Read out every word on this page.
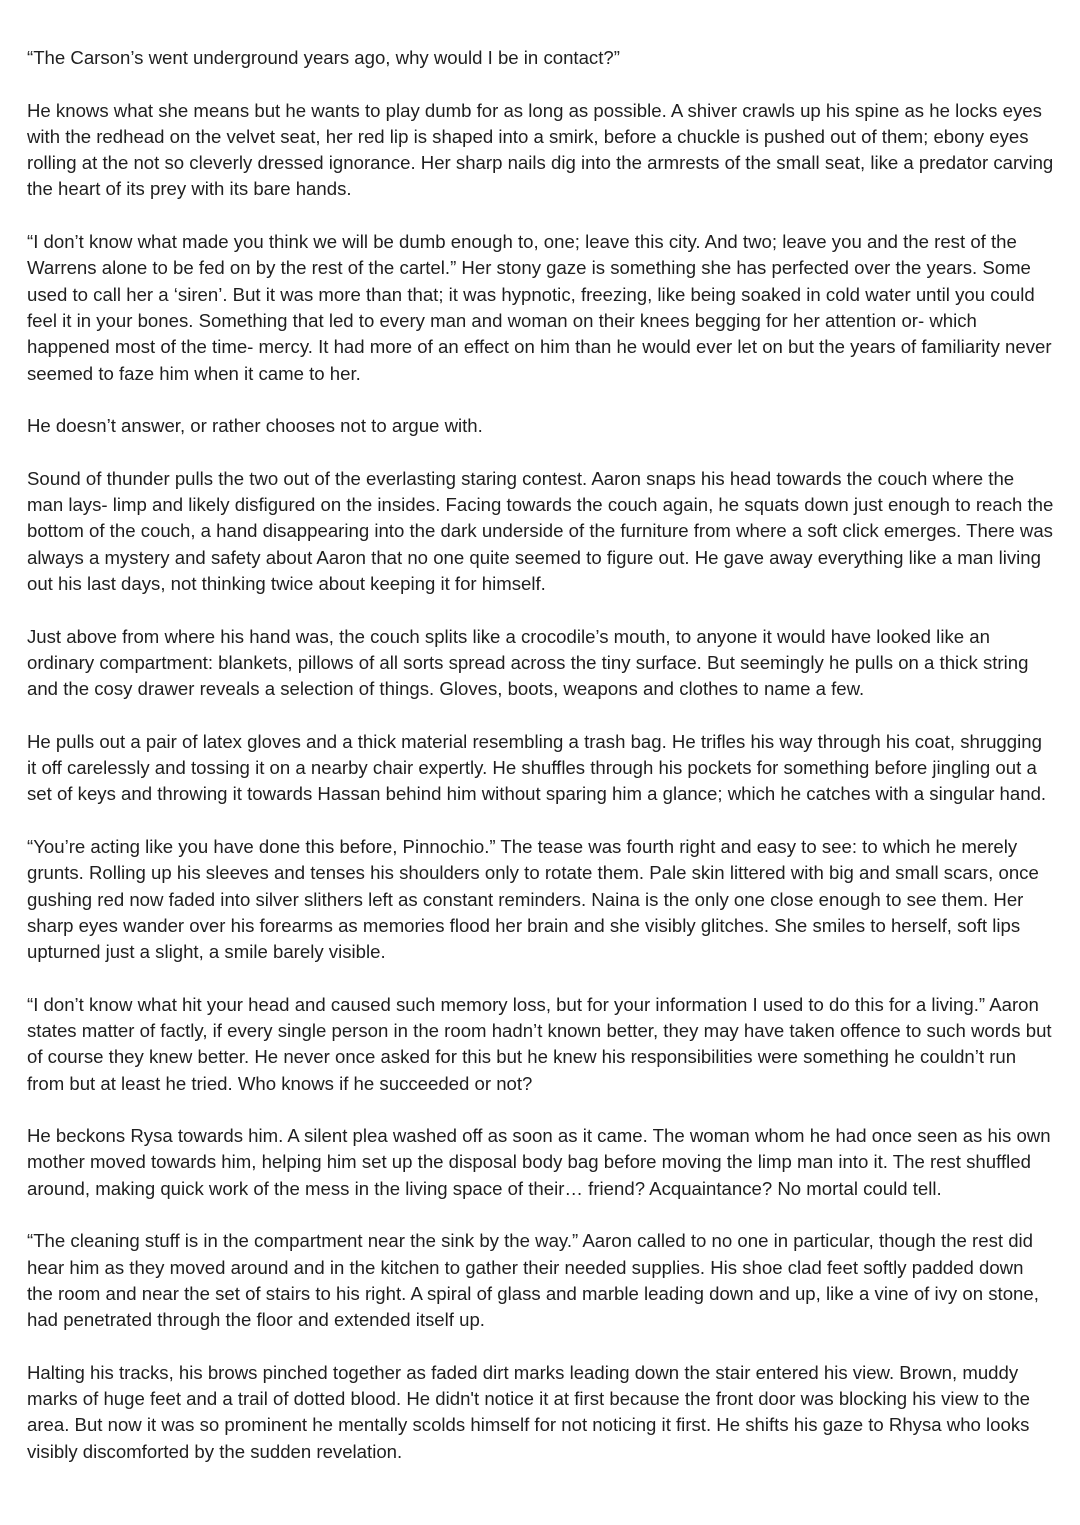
“The Carson’s went underground years ago, why would I be in contact?”

He knows what she means but he wants to play dumb for as long as possible. A shiver crawls up his spine as he locks eyes with the redhead on the velvet seat, her red lip is shaped into a smirk, before a chuckle is pushed out of them; ebony eyes rolling at the not so cleverly dressed ignorance. Her sharp nails dig into the armrests of the small seat, like a predator carving the heart of its prey with its bare hands.

“I don’t know what made you think we will be dumb enough to, one; leave this city. And two; leave you and the rest of the Warrens alone to be fed on by the rest of the cartel.” Her stony gaze is something she has perfected over the years. Some used to call her a ‘siren’. But it was more than that; it was hypnotic, freezing, like being soaked in cold water until you could feel it in your bones. Something that led to every man and woman on their knees begging for her attention or- which happened most of the time- mercy. It had more of an effect on him than he would ever let on but the years of familiarity never seemed to faze him when it came to her.

He doesn’t answer, or rather chooses not to argue with.

Sound of thunder pulls the two out of the everlasting staring contest. Aaron snaps his head towards the couch where the man lays- limp and likely disfigured on the insides. Facing towards the couch again, he squats down just enough to reach the bottom of the couch, a hand disappearing into the dark underside of the furniture from where a soft click emerges. There was always a mystery and safety about Aaron that no one quite seemed to figure out. He gave away everything like a man living out his last days, not thinking twice about keeping it for himself.

Just above from where his hand was, the couch splits like a crocodile’s mouth, to anyone it would have looked like an ordinary compartment: blankets, pillows of all sorts spread across the tiny surface. But seemingly he pulls on a thick string and the cosy drawer reveals a selection of things. Gloves, boots, weapons and clothes to name a few.

He pulls out a pair of latex gloves and a thick material resembling a trash bag. He trifles his way through his coat, shrugging it off carelessly and tossing it on a nearby chair expertly. He shuffles through his pockets for something before jingling out a set of keys and throwing it towards Hassan behind him without sparing him a glance; which he catches with a singular hand.

“You’re acting like you have done this before, Pinnochio.” The tease was fourth right and easy to see: to which he merely grunts. Rolling up his sleeves and tenses his shoulders only to rotate them. Pale skin littered with big and small scars, once gushing red now faded into silver slithers left as constant reminders. Naina is the only one close enough to see them. Her sharp eyes wander over his forearms as memories flood her brain and she visibly glitches. She smiles to herself, soft lips upturned just a slight, a smile barely visible.

“I don’t know what hit your head and caused such memory loss, but for your information I used to do this for a living.” Aaron states matter of factly, if every single person in the room hadn’t known better, they may have taken offence to such words but of course they knew better. He never once asked for this but he knew his responsibilities were something he couldn’t run from but at least he tried. Who knows if he succeeded or not?

He beckons Rysa towards him. A silent plea washed off as soon as it came. The woman whom he had once seen as his own mother moved towards him, helping him set up the disposal body bag before moving the limp man into it. The rest shuffled around, making quick work of the mess in the living space of their… friend? Acquaintance? No mortal could tell.

“The cleaning stuff is in the compartment near the sink by the way.” Aaron called to no one in particular, though the rest did hear him as they moved around and in the kitchen to gather their needed supplies. His shoe clad feet softly padded down the room and near the set of stairs to his right. A spiral of glass and marble leading down and up, like a vine of ivy on stone, had penetrated through the floor and extended itself up.

Halting his tracks, his brows pinched together as faded dirt marks leading down the stair entered his view. Brown, muddy marks of huge feet and a trail of dotted blood. He didn't notice it at first because the front door was blocking his view to the area. But now it was so prominent he mentally scolds himself for not noticing it first. He shifts his gaze to Rhysa who looks visibly discomforted by the sudden revelation.
